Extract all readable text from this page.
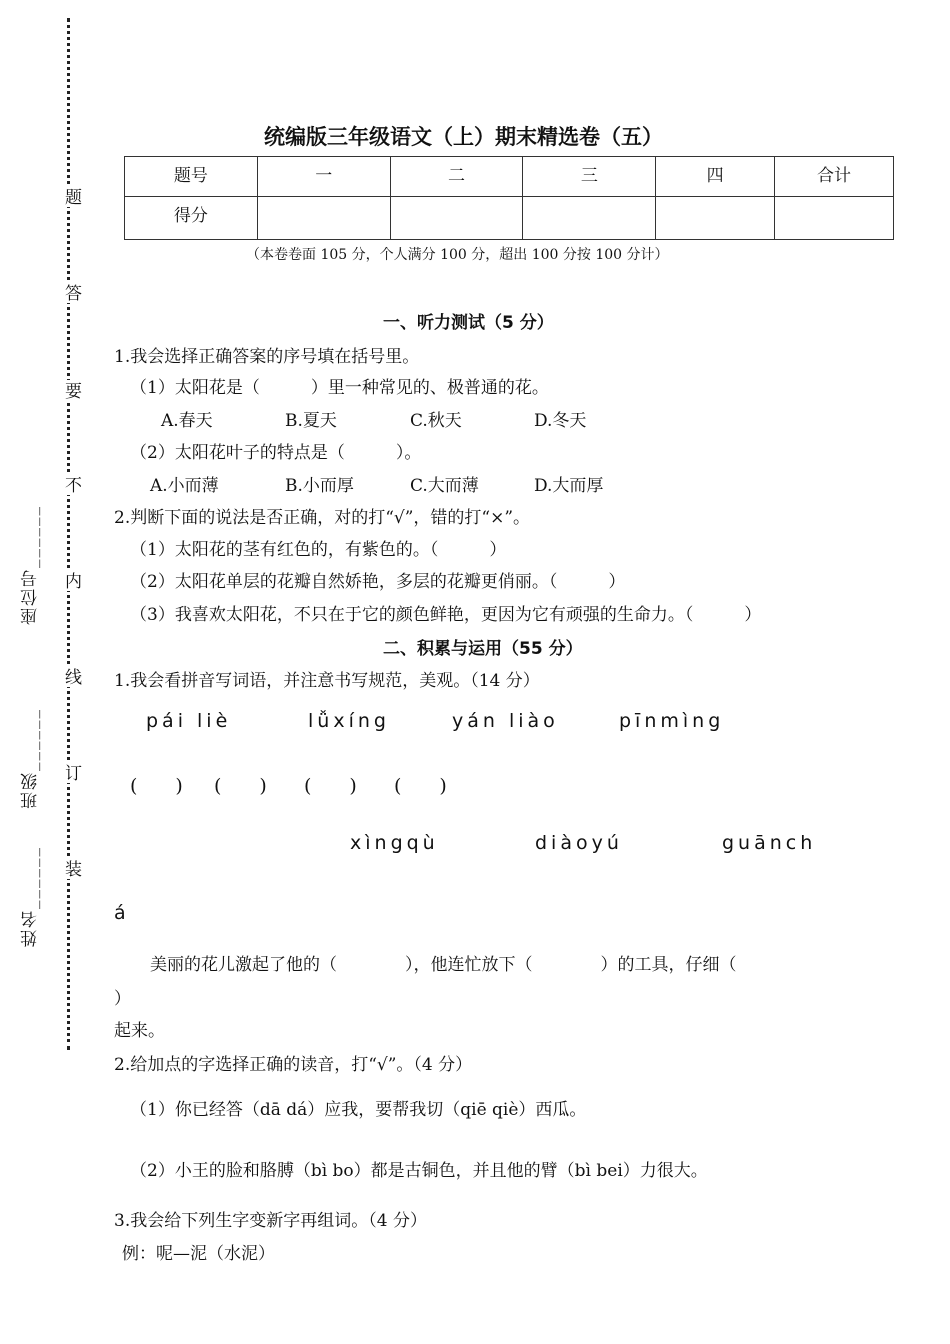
题
答
要
不
内
线
订
装
座位号______
班级______
姓名______
统编版三年级语文（上）期末精选卷（五）
题号	一	二	三	四	合计
得分					
（本卷卷面 105 分，个人满分 100 分，超出 100 分按 100 分计）
一、听力测试（5 分）
1.我会选择正确答案的序号填在括号里。
（1）太阳花是（　　　）里一种常见的、极普通的花。
A.春天	B.夏天	C.秋天	D.冬天
（2）太阳花叶子的特点是（　　　）。
A.小而薄	B.小而厚	C.大而薄	D.大而厚
2.判断下面的说法是否正确，对的打“√”，错的打“×”。
（1）太阳花的茎有红色的，有紫色的。（　　　）
（2）太阳花单层的花瓣自然娇艳，多层的花瓣更俏丽。（　　　）
（3）我喜欢太阳花，不只在于它的颜色鲜艳，更因为它有顽强的生命力。（　　　）
二、积累与运用（55 分）
1.我会看拼音写词语，并注意书写规范，美观。（14 分）
pái liè	lǚxíng	yán liào	pīnmìng
(　　) (　　) (　　) (　　)
xìngqù	diàoyú	guānch
á
美丽的花儿激起了他的（　　　　），他连忙放下（　　　　）的工具，仔细（
）
起来。
2.给加点的字选择正确的读音，打“√”。（4 分）
（1）你已经答（dā dá）应我，要帮我切（qiē qiè）西瓜。
（2）小王的脸和胳膊（bì bo）都是古铜色，并且他的臂（bì bei）力很大。
3.我会给下列生字变新字再组词。（4 分）
例：呢—泥（水泥）
